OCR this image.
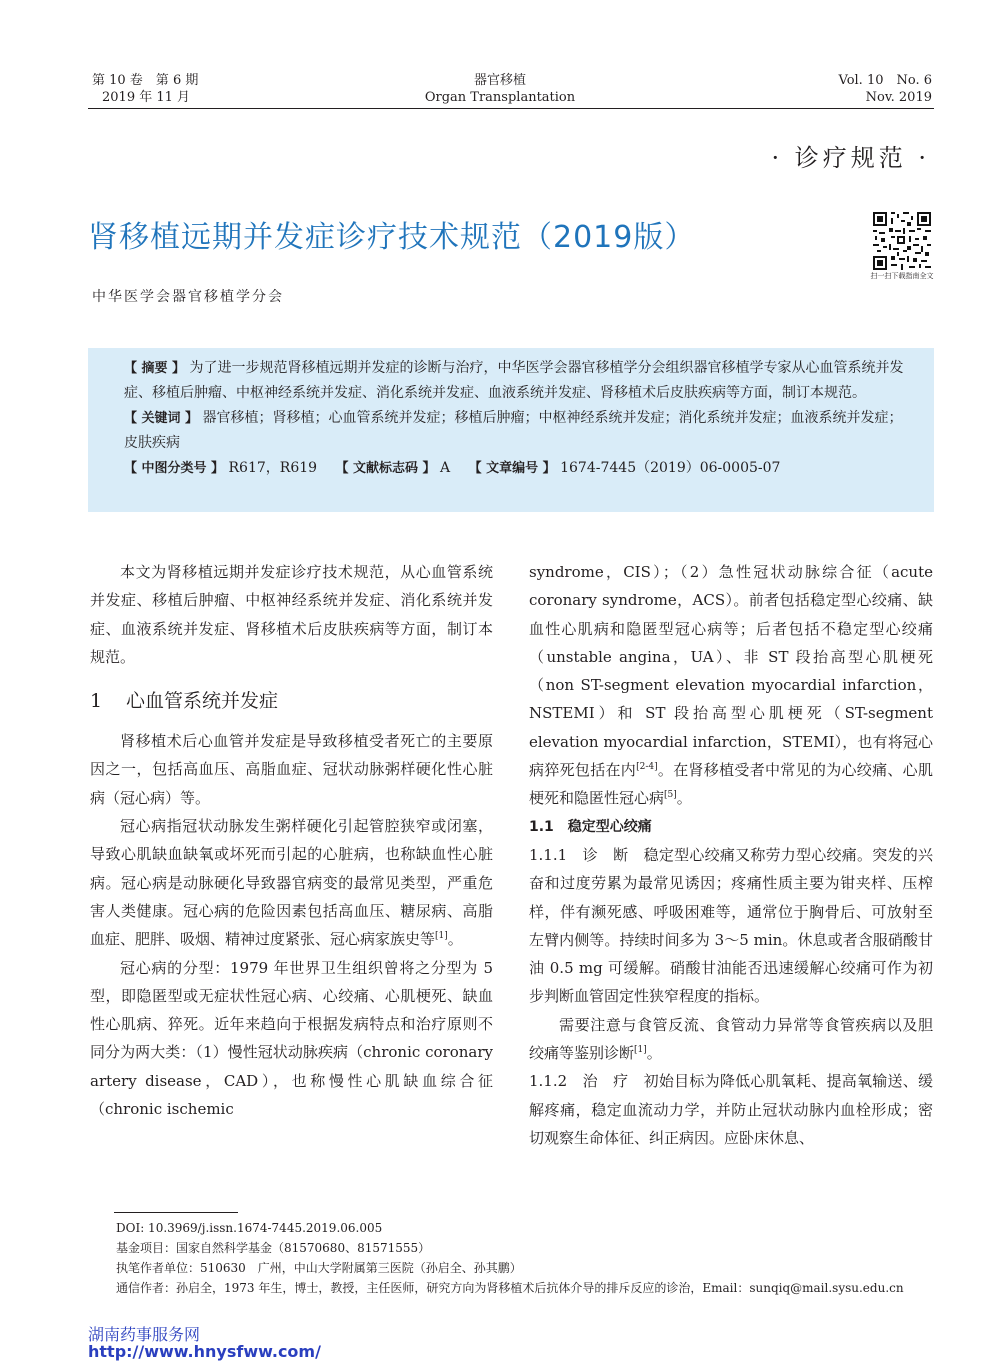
第 10 卷　第 6 期
2019 年 11 月
器官移植
Organ Transplantation
Vol. 10　No. 6
Nov. 2019
· 诊疗规范 ·
肾移植远期并发症诊疗技术规范（2019版）
扫一扫下载指南全文
中华医学会器官移植学分会

【 摘要 】 为了进一步规范肾移植远期并发症的诊断与治疗，中华医学会器官移植学分会组织器官移植学专家从心血管系统并发症、移植后肿瘤、中枢神经系统并发症、消化系统并发症、血液系统并发症、肾移植术后皮肤疾病等方面，制订本规范。

【 关键词 】 器官移植；肾移植；心血管系统并发症；移植后肿瘤；中枢神经系统并发症；消化系统并发症；血液系统并发症；皮肤疾病

【 中图分类号 】 R617，R619　 【 文献标志码 】 A　 【 文章编号 】 1674-7445（2019）06-0005-07

本文为肾移植远期并发症诊疗技术规范，从心血管系统并发症、移植后肿瘤、中枢神经系统并发症、消化系统并发症、血液系统并发症、肾移植术后皮肤疾病等方面，制订本规范。

1 心血管系统并发症

肾移植术后心血管并发症是导致移植受者死亡的主要原因之一，包括高血压、高脂血症、冠状动脉粥样硬化性心脏病（冠心病）等。

冠心病指冠状动脉发生粥样硬化引起管腔狭窄或闭塞，导致心肌缺血缺氧或坏死而引起的心脏病，也称缺血性心脏病。冠心病是动脉硬化导致器官病变的最常见类型，严重危害人类健康。冠心病的危险因素包括高血压、糖尿病、高脂血症、肥胖、吸烟、精神过度紧张、冠心病家族史等[1]。

冠心病的分型：1979 年世界卫生组织曾将之分型为 5 型，即隐匿型或无症状性冠心病、心绞痛、心肌梗死、缺血性心肌病、猝死。近年来趋向于根据发病特点和治疗原则不同分为两大类：（1）慢性冠状动脉疾病（chronic coronary artery disease，CAD），也称慢性心肌缺血综合征（chronic ischemic

syndrome，CIS）；（2）急性冠状动脉综合征（acute coronary syndrome，ACS）。前者包括稳定型心绞痛、缺血性心肌病和隐匿型冠心病等；后者包括不稳定型心绞痛（unstable angina，UA）、非 ST 段抬高型心肌梗死（non ST-segment elevation myocardial infarction，NSTEMI）和 ST 段抬高型心肌梗死（ST-segment elevation myocardial infarction，STEMI），也有将冠心病猝死包括在内[2-4]。在肾移植受者中常见的为心绞痛、心肌梗死和隐匿性冠心病[5]。

1.1　稳定型心绞痛

1.1.1　 诊　断　 稳定型心绞痛又称劳力型心绞痛。突发的兴奋和过度劳累为最常见诱因；疼痛性质主要为钳夹样、压榨样，伴有濒死感、呼吸困难等，通常位于胸骨后、可放射至左臂内侧等。持续时间多为 3～5 min。休息或者含服硝酸甘油 0.5 mg 可缓解。硝酸甘油能否迅速缓解心绞痛可作为初步判断血管固定性狭窄程度的指标。

需要注意与食管反流、食管动力异常等食管疾病以及胆绞痛等鉴别诊断[1]。

1.1.2　 治　疗　 初始目标为降低心肌氧耗、提高氧输送、缓解疼痛，稳定血流动力学，并防止冠状动脉内血栓形成；密切观察生命体征、纠正病因。应卧床休息、

DOI: 10.3969/j.issn.1674-7445.2019.06.005

基金项目：国家自然科学基金（81570680、81571555）

执笔作者单位：510630　广州，中山大学附属第三医院（孙启全、孙其鹏）

通信作者：孙启全，1973 年生，博士，教授，主任医师，研究方向为肾移植术后抗体介导的排斥反应的诊治，Email：sunqiq@mail.sysu.edu.cn

湖南药事服务网
http://www.hnysfww.com/
